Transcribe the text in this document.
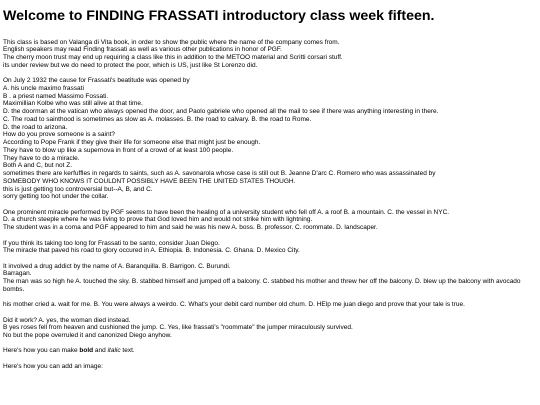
Welcome to FINDING FRASSATI introductory class week fifteen.
This class is based on Valanga di Vita book, in order to show the public where the name of the company comes from.
English speakers may read Finding frassati as well as various other publications in honor of PGF.
The cherry moon trust may end up requiring a class like this in addition to the METOO material and Scritti corsari stuff.
its under review but we do need to protect the poor, which is US, just like St Lorenzo did.
On July 2 1932 the cause for Frassati's beatitude was opened by
A. his uncle maximo frassati
B . a priest named Massimo Fossati.
Maximillian Kolbe who was still alive at that time.
D. the doorman at the vatican who always opened the door, and Paolo gabriele who opened all the mail to see if there was anything interesting in there.
C. The road to sainthood is sometimes as slow as A. molasses. B. the road to calvary. B. the road to Rome.
D. the road to arizona.
How do you prove someone is a saint?
According to Pope Frank if they give their life for someone else that might just be enough.
They have to blow up like a supernova in front of a crowd of at least 100 people.
They have to do a miracle.
Both A and C, but not Z.
sometimes there are kerfuffles in regards to saints, such as A. savonarola whose case is still out B. Jeanne D'arc C. Romero who was assassinated by
SOMEBODY WHO KNOWS IT COULDNT POSSIBLY HAVE BEEN THE UNITED STATES THOUGH.
this is just getting too controversial but--A, B, and C.
sorry getting too hot under the collar.
One prominent miracle performed by PGF seems to have been the healing of a university student who fell off A. a roof B. a mountain. C. the vessel in NYC.
D. a church steeple where he was living to prove that God loved him and would not strike him with lightning.
The student was in a coma and PGF appeared to him and said he was his new A. boss. B. professor. C. roommate. D. landscaper.
If you think its taking too long for Frassati to be santo, consider Juan Diego.
The miracle that paved his road to glory occured in A. Ethiopia. B. Indonesia. C. Ghana. D. Mexico City.
It involved a drug addict by the name of A. Baranquilla. B. Barrigon. C. Burundi.
Barragan.
The man was so high he A. touched the sky. B. stabbed himself and jumped off a balcony. C. stabbed his mother and threw her off the balcony. D. blew up the balcony with avocado bombs.
his mother cried a. wait for me. B. You were always a weirdo. C. What's your debit card number old chum. D. HElp me juan diego and prove that your tale is true.
Did it work? A. yes, the woman died instead.
B yes roses fell from heaven and cushioned the jump. C. Yes, like frassati's "roommate" the jumper miraculously survived.
No but the pope overruled it and canonized Diego anyhow.
Here's how you can make bold and italic text.
Here's how you can add an image:
